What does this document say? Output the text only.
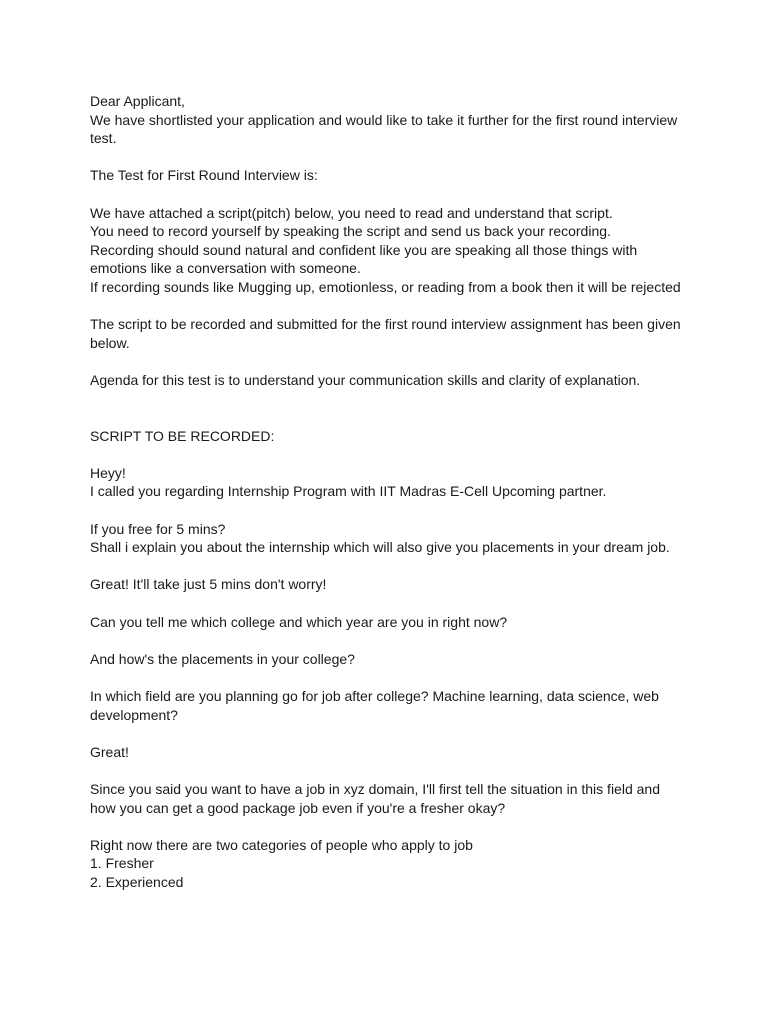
Dear Applicant,
We have shortlisted your application and would like to take it further for the first round interview
test.
The Test for First Round Interview is:
We have attached a script(pitch) below, you need to read and understand that script.
You need to record yourself by speaking the script and send us back your recording.
Recording should sound natural and confident like you are speaking all those things with
emotions like a conversation with someone.
If recording sounds like Mugging up, emotionless, or reading from a book then it will be rejected
The script to be recorded and submitted for the first round interview assignment has been given
below.
Agenda for this test is to understand your communication skills and clarity of explanation.
SCRIPT TO BE RECORDED:
Heyy!
I called you regarding Internship Program with IIT Madras E-Cell Upcoming partner.
If you free for 5 mins?
Shall i explain you about the internship which will also give you placements in your dream job.
Great! It'll take just 5 mins don't worry!
Can you tell me which college and which year are you in right now?
And how's the placements in your college?
In which field are you planning go for job after college? Machine learning, data science, web
development?
Great!
Since you said you want to have a job in xyz domain, I'll first tell the situation in this field and
how you can get a good package job even if you're a fresher okay?
Right now there are two categories of people who apply to job
1. Fresher
2. Experienced
